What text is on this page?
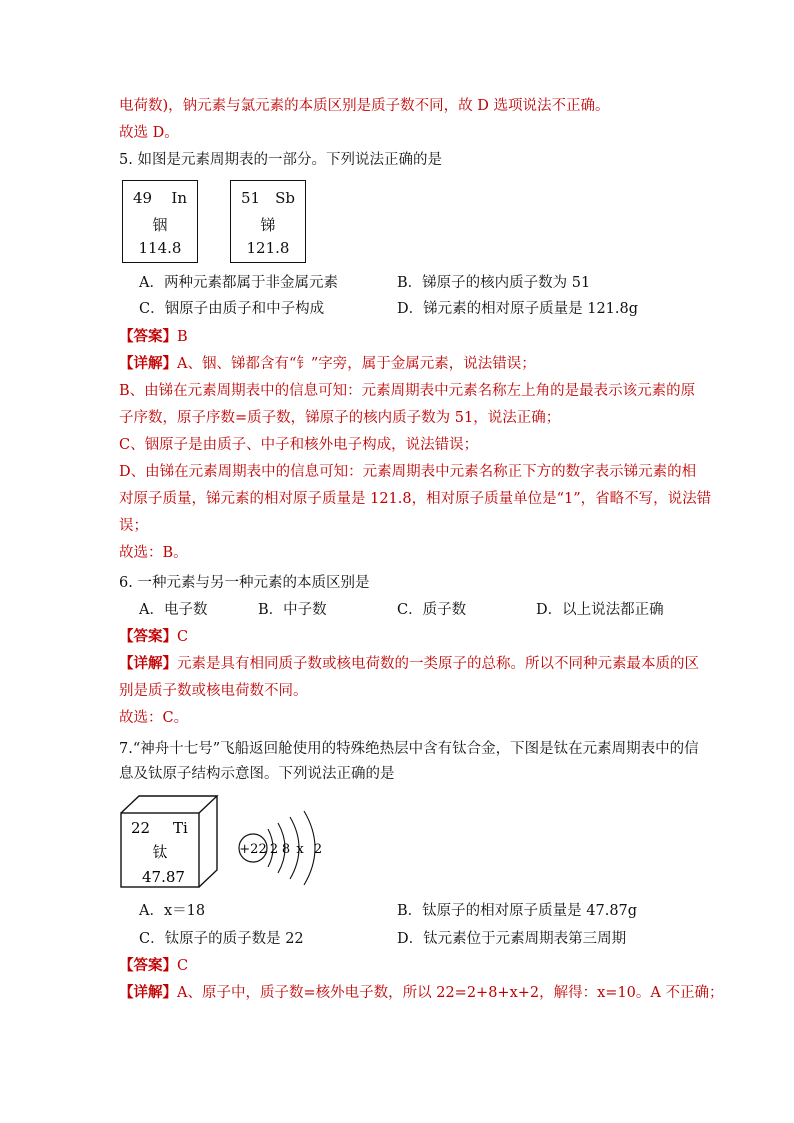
电荷数)，钠元素与氯元素的本质区别是质子数不同，故 D 选项说法不正确。
故选 D。
5. 如图是元素周期表的一部分。下列说法正确的是
49 In
铟
114.8
51 Sb
锑
121.8
A．两种元素都属于非金属元素	B．锑原子的核内质子数为 51
C．铟原子由质子和中子构成	D．锑元素的相对原子质量是 121.8g
【答案】B
【详解】A、铟、锑都含有“钅”字旁，属于金属元素，说法错误；
B、由锑在元素周期表中的信息可知：元素周期表中元素名称左上角的是最表示该元素的原
子序数，原子序数=质子数，锑原子的核内质子数为 51，说法正确；
C、铟原子是由质子、中子和核外电子构成，说法错误；
D、由锑在元素周期表中的信息可知：元素周期表中元素名称正下方的数字表示锑元素的相
对原子质量，锑元素的相对原子质量是 121.8，相对原子质量单位是“1”，省略不写，说法错
误；
故选：B。
6. 一种元素与另一种元素的本质区别是
A．电子数	B．中子数	C．质子数	D．以上说法都正确
【答案】C
【详解】元素是具有相同质子数或核电荷数的一类原子的总称。所以不同种元素最本质的区
别是质子数或核电荷数不同。
故选：C。
7.“神舟十七号”飞船返回舱使用的特殊绝热层中含有钛合金，下图是钛在元素周期表中的信
息及钛原子结构示意图。下列说法正确的是
22 Ti
钛
47.87
+22 2 8 x 2
A．x＝18	B．钛原子的相对原子质量是 47.87g
C．钛原子的质子数是 22	D．钛元素位于元素周期表第三周期
【答案】C
【详解】A、原子中，质子数=核外电子数，所以 22=2+8+x+2，解得：x=10。A 不正确；
